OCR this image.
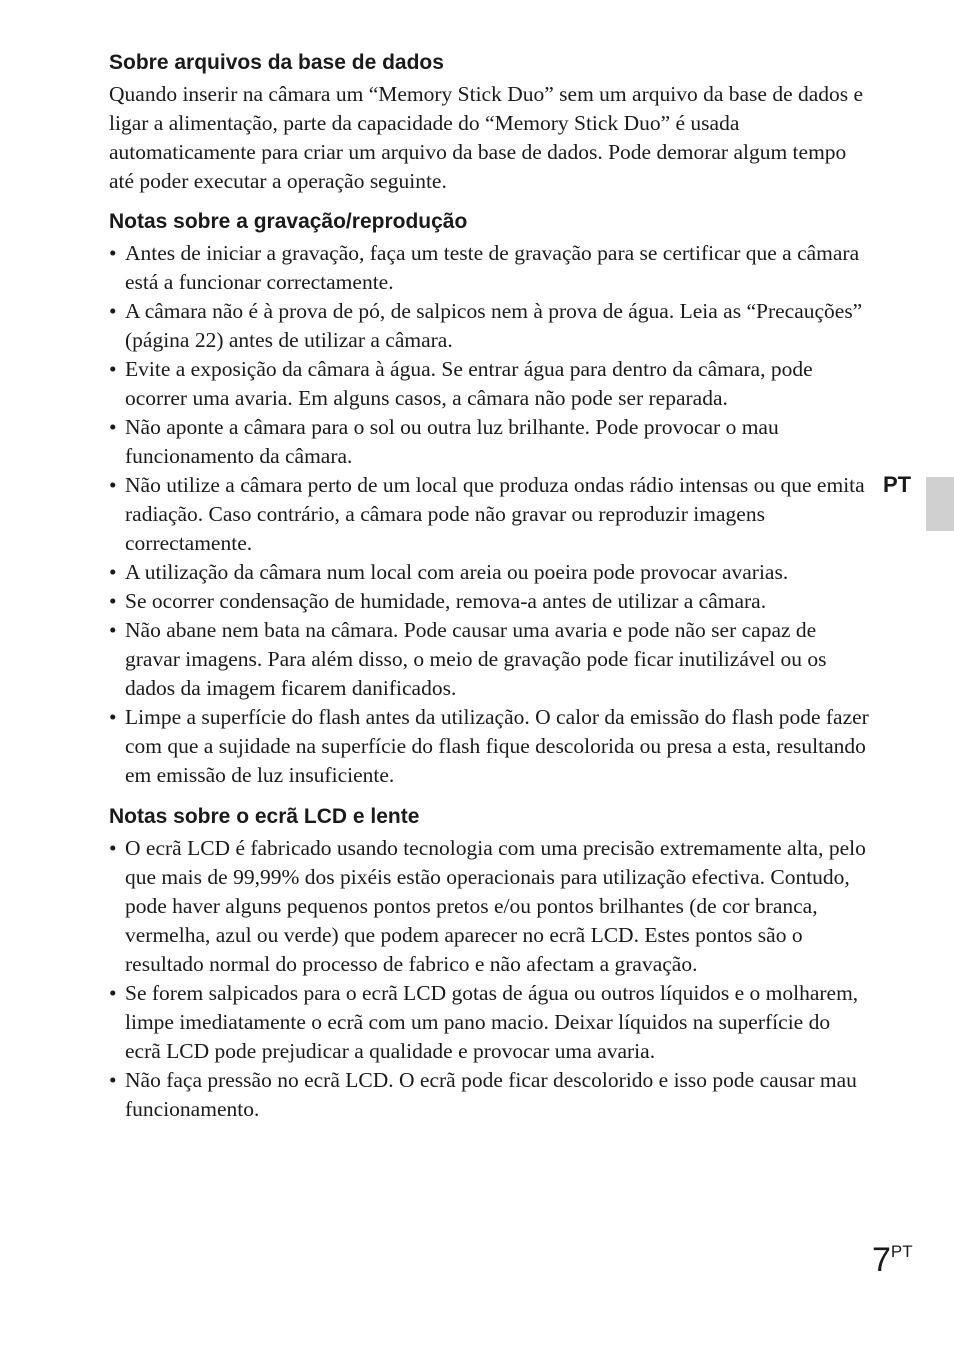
PT
Sobre arquivos da base de dados

Quando inserir na câmara um “Memory Stick Duo” sem um arquivo da base de dados e ligar a alimentação, parte da capacidade do “Memory Stick Duo” é usada automaticamente para criar um arquivo da base de dados. Pode demorar algum tempo até poder executar a operação seguinte.

Notas sobre a gravação/reprodução
• Antes de iniciar a gravação, faça um teste de gravação para se certificar que a câmara está a funcionar correctamente.
• A câmara não é à prova de pó, de salpicos nem à prova de água. Leia as “Precauções” (página 22) antes de utilizar a câmara.
• Evite a exposição da câmara à água. Se entrar água para dentro da câmara, pode ocorrer uma avaria. Em alguns casos, a câmara não pode ser reparada.
• Não aponte a câmara para o sol ou outra luz brilhante. Pode provocar o mau funcionamento da câmara.
• Não utilize a câmara perto de um local que produza ondas rádio intensas ou que emita radiação. Caso contrário, a câmara pode não gravar ou reproduzir imagens correctamente.
• A utilização da câmara num local com areia ou poeira pode provocar avarias.
• Se ocorrer condensação de humidade, remova-a antes de utilizar a câmara.
• Não abane nem bata na câmara. Pode causar uma avaria e pode não ser capaz de gravar imagens. Para além disso, o meio de gravação pode ficar inutilizável ou os dados da imagem ficarem danificados.
• Limpe a superfície do flash antes da utilização. O calor da emissão do flash pode fazer com que a sujidade na superfície do flash fique descolorida ou presa a esta, resultando em emissão de luz insuficiente.
Notas sobre o ecrã LCD e lente
• O ecrã LCD é fabricado usando tecnologia com uma precisão extremamente alta, pelo que mais de 99,99% dos pixéis estão operacionais para utilização efectiva. Contudo, pode haver alguns pequenos pontos pretos e/ou pontos brilhantes (de cor branca, vermelha, azul ou verde) que podem aparecer no ecrã LCD. Estes pontos são o resultado normal do processo de fabrico e não afectam a gravação.
• Se forem salpicados para o ecrã LCD gotas de água ou outros líquidos e o molharem, limpe imediatamente o ecrã com um pano macio. Deixar líquidos na superfície do ecrã LCD pode prejudicar a qualidade e provocar uma avaria.
• Não faça pressão no ecrã LCD. O ecrã pode ficar descolorido e isso pode causar mau funcionamento.
7PT
